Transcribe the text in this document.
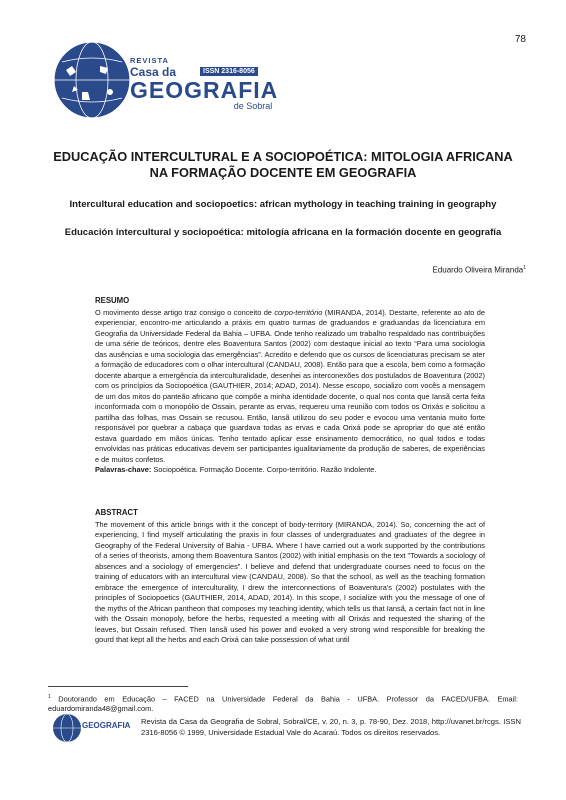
78
REVISTA
Casa da
GEOGRAFIA
de Sobral
ISSN 2316-8056
EDUCAÇÃO INTERCULTURAL E A SOCIOPOÉTICA: MITOLOGIA AFRICANA
NA FORMAÇÃO DOCENTE EM GEOGRAFIA
Intercultural education and sociopoetics: african mythology in teaching training in geography
Educación intercultural y sociopoética: mitología africana en la formación docente en geografía
Eduardo Oliveira Miranda$^1$
RESUMO
O movimento desse artigo traz consigo o conceito de corpo-território (MIRANDA, 2014). Destarte, referente ao ato de experienciar, encontro-me articulando a práxis em quatro turmas de graduandos e graduandas da licenciatura em Geografia da Universidade Federal da Bahia – UFBA. Onde tenho realizado um trabalho respaldado nas contribuições de uma série de teóricos, dentre eles Boaventura Santos (2002) com destaque inicial ao texto “Para uma sociologia das ausências e uma sociologia das emergências”. Acredito e defendo que os cursos de licenciaturas precisam se ater a formação de educadores com o olhar intercultural (CANDAU, 2008). Então para que a escola, bem como a formação docente abarque a emergência da interculturalidade, desenhei as interconexões dos postulados de Boaventura (2002) com os princípios da Sociopoética (GAUTHIER, 2014; ADAD, 2014). Nesse escopo, socializo com vocês a mensagem de um dos mitos do panteão africano que compõe a minha identidade docente, o qual nos conta que Iansã certa feita inconformada com o monopólio de Ossain, perante as ervas, requereu uma reunião com todos os Orixás e solicitou a partilha das folhas, mas Ossain se recusou. Então, Iansã utilizou do seu poder e evocou uma ventania muito forte responsável por quebrar a cabaça que guardava todas as ervas e cada Orixá pode se apropriar do que até então estava guardado em mãos únicas. Tenho tentado aplicar esse ensinamento democrático, no qual todos e todas envolvidas nas práticas educativas devem ser participantes igualitariamente da produção de saberes, de experiências e de muitos confetos.
Palavras-chave: Sociopoética. Formação Docente. Corpo-território. Razão Indolente.
ABSTRACT
The movement of this article brings with it the concept of body-territory (MIRANDA, 2014). So, concerning the act of experiencing, I find myself articulating the praxis in four classes of undergraduates and graduates of the degree in Geography of the Federal University of Bahia - UFBA. Where I have carried out a work supported by the contributions of a series of theorists, among them Boaventura Santos (2002) with initial emphasis on the text "Towards a sociology of absences and a sociology of emergencies". I believe and defend that undergraduate courses need to focus on the training of educators with an intercultural view (CANDAU, 2008). So that the school, as well as the teaching formation embrace the emergence of interculturality, I drew the interconnections of Boaventura's (2002) postulates with the principles of Sociopoetics (GAUTHIER, 2014, ADAD, 2014). In this scope, I socialize with you the message of one of the myths of the African pantheon that composes my teaching identity, which tells us that Iansã, a certain fact not in line with the Ossain monopoly, before the herbs, requested a meeting with all Orixás and requested the sharing of the leaves, but Ossain refused. Then Iansã used his power and evoked a very strong wind responsible for breaking the gourd that kept all the herbs and each Orixá can take possession of what until
$^1$ Doutorando em Educação – FACED na Universidade Federal da Bahia - UFBA. Professor da FACED/UFBA. Email: eduardomiranda48@gmail.com.
GEOGRAFIA Revista da Casa da Geografia de Sobral, Sobral/CE, v. 20, n. 3, p. 78-90, Dez. 2018, http://uvanet.br/rcgs. ISSN 2316-8056 © 1999, Universidade Estadual Vale do Acaraú. Todos os direitos reservados.
